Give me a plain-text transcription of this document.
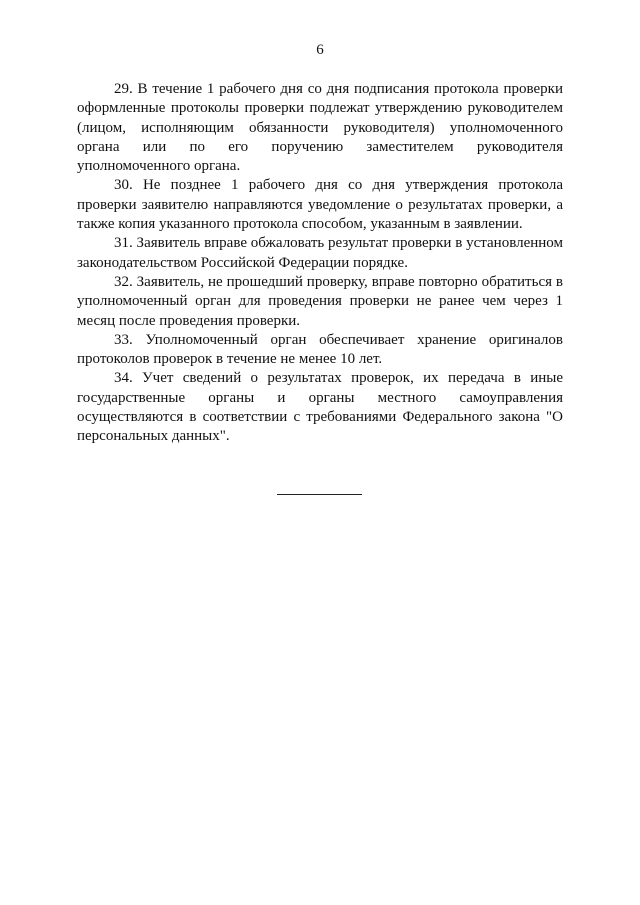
6

29. В течение 1 рабочего дня со дня подписания протокола проверки оформленные протоколы проверки подлежат утверждению руководителем (лицом, исполняющим обязанности руководителя) уполномоченного органа или по его поручению заместителем руководителя уполномоченного органа.

30. Не позднее 1 рабочего дня со дня утверждения протокола проверки заявителю направляются уведомление о результатах проверки, а также копия указанного протокола способом, указанным в заявлении.

31. Заявитель вправе обжаловать результат проверки в установленном законодательством Российской Федерации порядке.

32. Заявитель, не прошедший проверку, вправе повторно обратиться в уполномоченный орган для проведения проверки не ранее чем через 1 месяц после проведения проверки.

33. Уполномоченный орган обеспечивает хранение оригиналов протоколов проверок в течение не менее 10 лет.

34. Учет сведений о результатах проверок, их передача в иные государственные органы и органы местного самоуправления осуществляются в соответствии с требованиями Федерального закона "О персональных данных".
